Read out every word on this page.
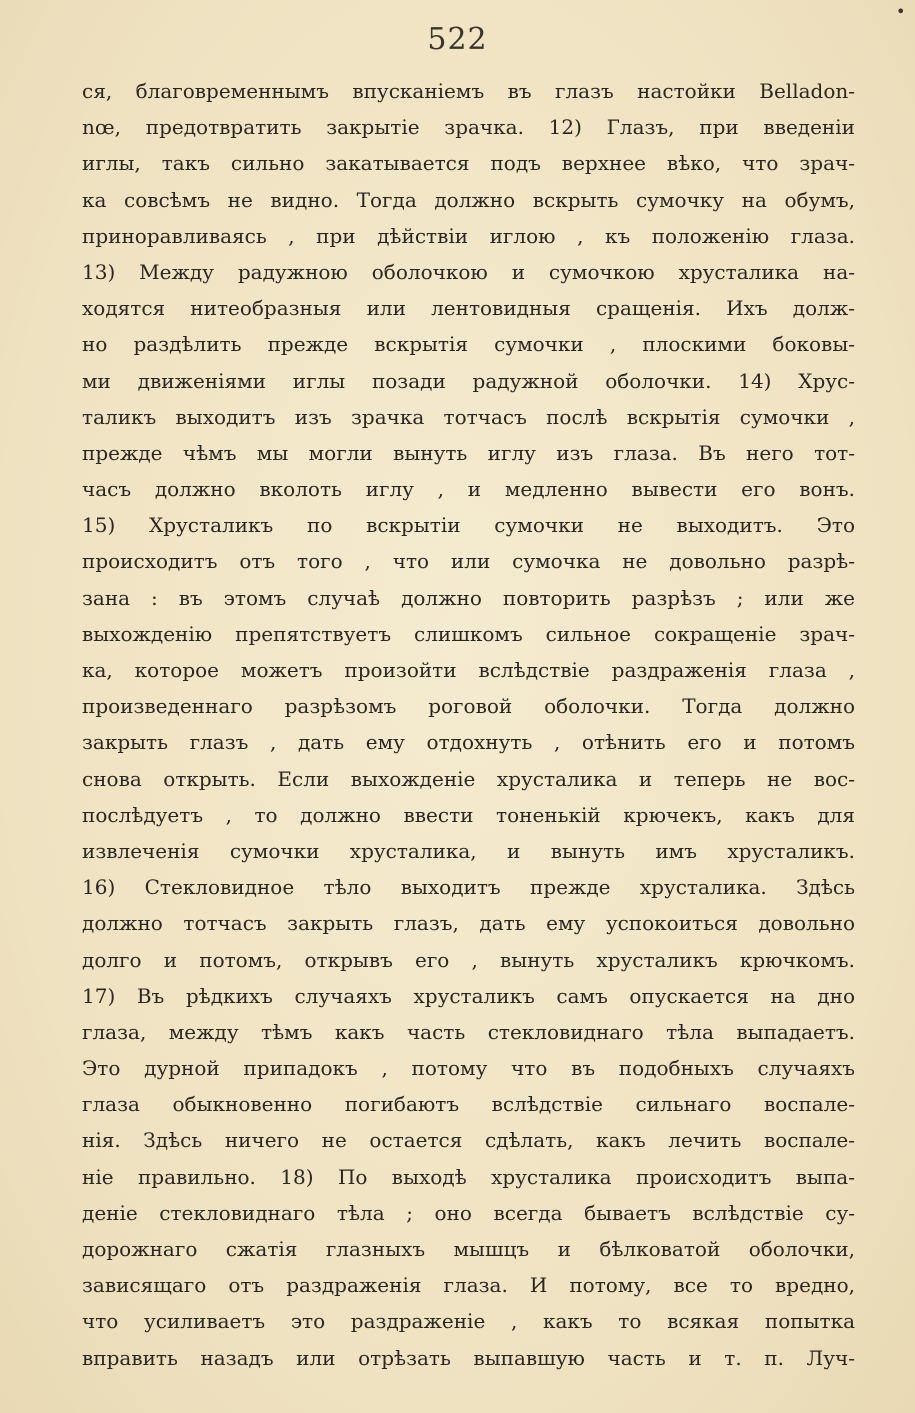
•
522
ся, благовременнымъ впусканіемъ въ глазъ настойки Belladon-
nœ, предотвратить закрытіе зрачка. 12) Глазъ, при введеніи
иглы, такъ сильно закатывается подъ верхнее вѣко, что зрач-
ка совсѣмъ не видно. Тогда должно вскрыть сумочку на обумъ,
приноравливаясь , при дѣйствіи иглою , къ положенію глаза.
13) Между радужною оболочкою и сумочкою хрусталика на-
ходятся нитеобразныя или лентовидныя сращенія. Ихъ долж-
но раздѣлить прежде вскрытія сумочки , плоскими боковы-
ми движеніями иглы позади радужной оболочки. 14) Хрус-
таликъ выходитъ изъ зрачка тотчасъ послѣ вскрытія сумочки ,
прежде чѣмъ мы могли вынуть иглу изъ глаза. Въ него тот-
часъ должно вколоть иглу , и медленно вывести его вонъ.
15) Хрусталикъ по вскрытіи сумочки не выходитъ. Это
происходитъ отъ того , что или сумочка не довольно разрѣ-
зана : въ этомъ случаѣ должно повторить разрѣзъ ; или же
выхожденію препятствуетъ слишкомъ сильное сокращеніе зрач-
ка, которое можетъ произойти вслѣдствіе раздраженія глаза ,
произведеннаго разрѣзомъ роговой оболочки. Тогда должно
закрыть глазъ , дать ему отдохнуть , отѣнить его и потомъ
снова открыть. Если выхожденіе хрусталика и теперь не вос-
послѣдуетъ , то должно ввести тоненькій крючекъ, какъ для
извлеченія сумочки хрусталика, и вынуть имъ хрусталикъ.
16) Стекловидное тѣло выходитъ прежде хрусталика. Здѣсь
должно тотчасъ закрыть глазъ, дать ему успокоиться довольно
долго и потомъ, открывъ его , вынуть хрусталикъ крючкомъ.
17) Въ рѣдкихъ случаяхъ хрусталикъ самъ опускается на дно
глаза, между тѣмъ какъ часть стекловиднаго тѣла выпадаетъ.
Это дурной припадокъ , потому что въ подобныхъ случаяхъ
глаза обыкновенно погибаютъ вслѣдствіе сильнаго воспале-
нія. Здѣсь ничего не остается сдѣлать, какъ лечить воспале-
ніе правильно. 18) По выходѣ хрусталика происходитъ выпа-
деніе стекловиднаго тѣла ; оно всегда бываетъ вслѣдствіе су-
дорожнаго сжатія глазныхъ мышцъ и бѣлковатой оболочки,
зависящаго отъ раздраженія глаза. И потому, все то вредно,
что усиливаетъ это раздраженіе , какъ то всякая попытка
вправить назадъ или отрѣзать выпавшую часть и т. п. Луч-
